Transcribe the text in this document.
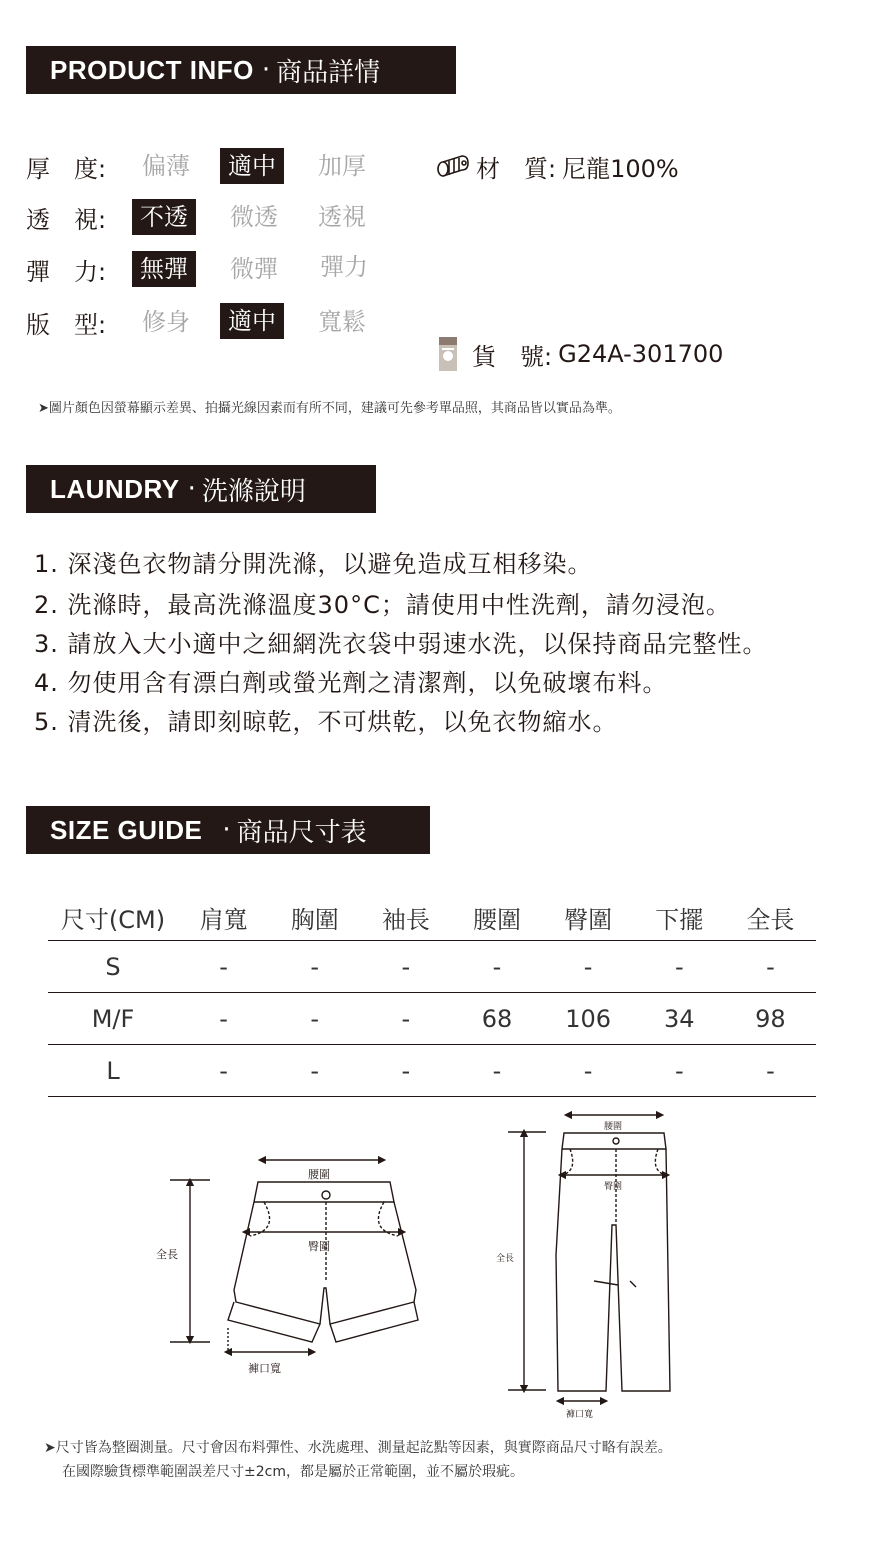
PRODUCT INFO · 商品詳情
厚　度:	偏薄	適中	加厚
透　視:	不透	微透	透視
彈　力:	無彈	微彈	彈力
版　型:	修身	適中	寬鬆
材　質: 尼龍100%
貨　號: G24A-301700
➤圖片顏色因螢幕顯示差異、拍攝光線因素而有所不同，建議可先參考單品照，其商品皆以實品為準。
LAUNDRY · 洗滌說明
1. 深淺色衣物請分開洗滌，以避免造成互相移染。
2. 洗滌時，最高洗滌溫度30°C；請使用中性洗劑，請勿浸泡。
3. 請放入大小適中之細網洗衣袋中弱速水洗，以保持商品完整性。
4. 勿使用含有漂白劑或螢光劑之清潔劑，以免破壞布料。
5. 清洗後，請即刻晾乾，不可烘乾，以免衣物縮水。
SIZE GUIDE · 商品尺寸表
尺寸(CM)	肩寬	胸圍	袖長	腰圍	臀圍	下擺	全長
S	-	-	-	-	-	-	-
M/F	-	-	-	68	106	34	98
L	-	-	-	-	-	-	-
腰圍
臀圍
全長
褲口寬
腰圍
臀圍
全長
褲口寬
➤尺寸皆為整圈測量。尺寸會因布料彈性、水洗處理、測量起訖點等因素，與實際商品尺寸略有誤差。
在國際驗貨標準範圍誤差尺寸±2cm，都是屬於正常範圍，並不屬於瑕疵。
